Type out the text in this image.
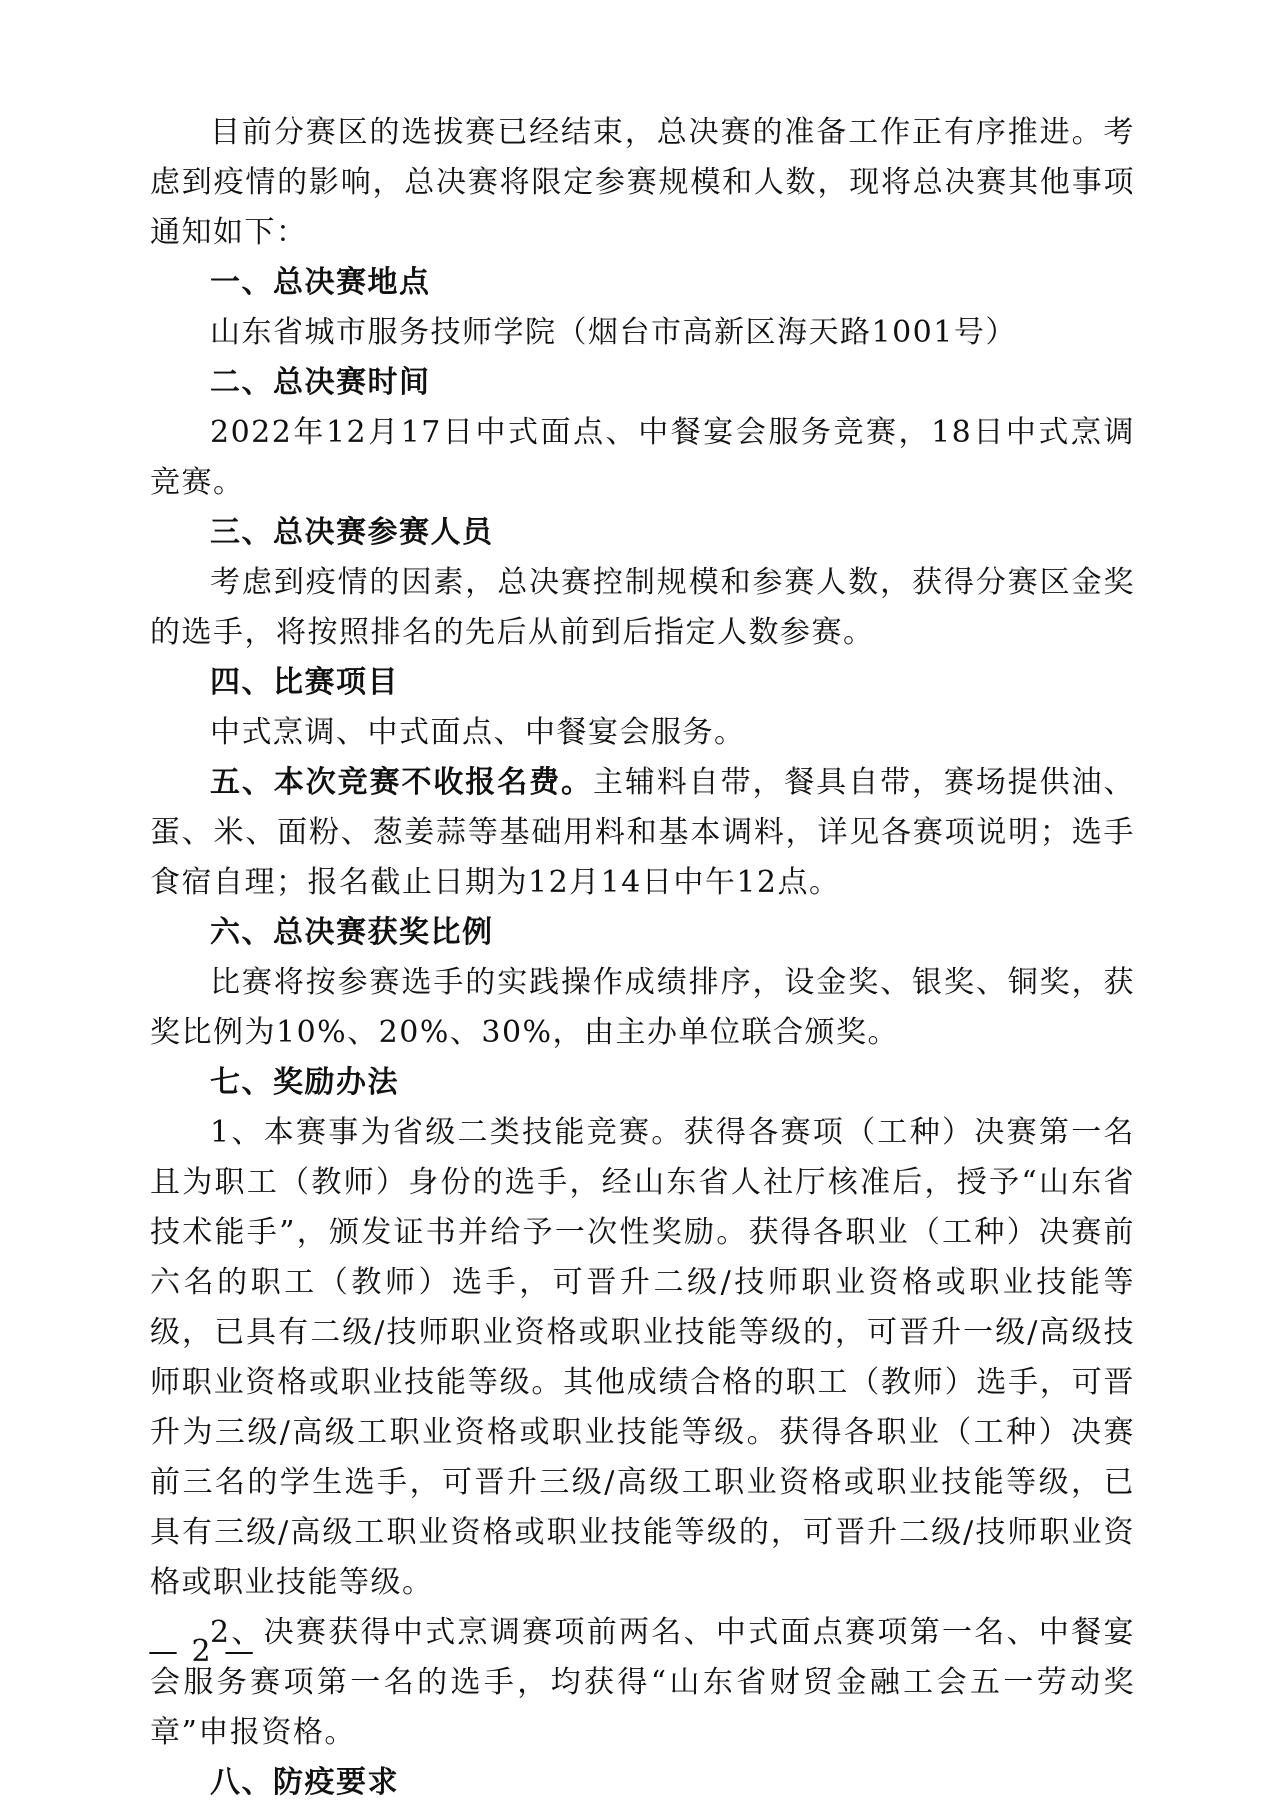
目前分赛区的选拔赛已经结束，总决赛的准备工作正有序推进。考虑到疫情的影响，总决赛将限定参赛规模和人数，现将总决赛其他事项通知如下：

一、总决赛地点

山东省城市服务技师学院（烟台市高新区海天路1001号）

二、总决赛时间

2022年12月17日中式面点、中餐宴会服务竞赛，18日中式烹调竞赛。

三、总决赛参赛人员

考虑到疫情的因素，总决赛控制规模和参赛人数，获得分赛区金奖的选手，将按照排名的先后从前到后指定人数参赛。

四、比赛项目

中式烹调、中式面点、中餐宴会服务。

五、本次竞赛不收报名费。主辅料自带，餐具自带，赛场提供油、蛋、米、面粉、葱姜蒜等基础用料和基本调料，详见各赛项说明；选手食宿自理；报名截止日期为12月14日中午12点。

六、总决赛获奖比例

比赛将按参赛选手的实践操作成绩排序，设金奖、银奖、铜奖，获奖比例为10%、20%、30%，由主办单位联合颁奖。

七、奖励办法

1、本赛事为省级二类技能竞赛。获得各赛项（工种）决赛第一名且为职工（教师）身份的选手，经山东省人社厅核准后，授予“山东省技术能手”，颁发证书并给予一次性奖励。获得各职业（工种）决赛前六名的职工（教师）选手，可晋升二级/技师职业资格或职业技能等级，已具有二级/技师职业资格或职业技能等级的，可晋升一级/高级技师职业资格或职业技能等级。其他成绩合格的职工（教师）选手，可晋升为三级/高级工职业资格或职业技能等级。获得各职业（工种）决赛前三名的学生选手，可晋升三级/高级工职业资格或职业技能等级，已具有三级/高级工职业资格或职业技能等级的，可晋升二级/技师职业资格或职业技能等级。

2、决赛获得中式烹调赛项前两名、中式面点赛项第一名、中餐宴会服务赛项第一名的选手，均获得“山东省财贸金融工会五一劳动奖章”申报资格。

八、防疫要求

— 2 —
